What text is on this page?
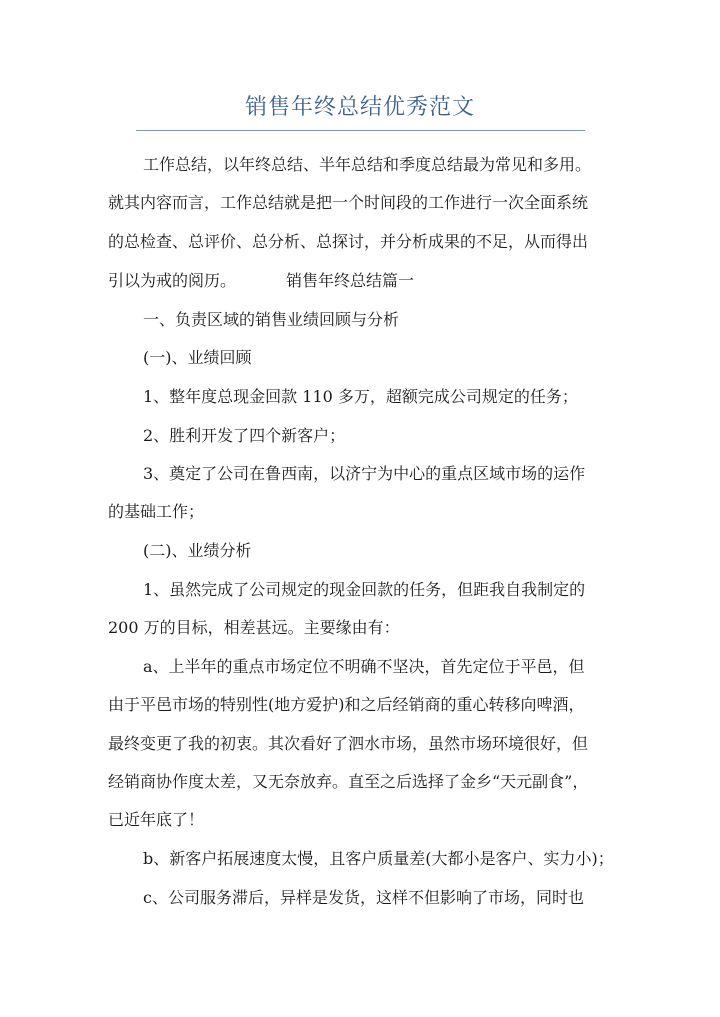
销售年终总结优秀范文
工作总结，以年终总结、半年总结和季度总结最为常见和多用。
就其内容而言，工作总结就是把一个时间段的工作进行一次全面系统
的总检查、总评价、总分析、总探讨，并分析成果的不足，从而得出
引以为戒的阅历。	销售年终总结篇一
一、负责区域的销售业绩回顾与分析
(一)、业绩回顾
1、整年度总现金回款 110 多万，超额完成公司规定的任务；
2、胜利开发了四个新客户；
3、奠定了公司在鲁西南，以济宁为中心的重点区域市场的运作
的基础工作；
(二)、业绩分析
1、虽然完成了公司规定的现金回款的任务，但距我自我制定的
200 万的目标，相差甚远。主要缘由有：
a、上半年的重点市场定位不明确不坚决，首先定位于平邑，但
由于平邑市场的特别性(地方爱护)和之后经销商的重心转移向啤酒，
最终变更了我的初衷。其次看好了泗水市场，虽然市场环境很好，但
经销商协作度太差，又无奈放弃。直至之后选择了金乡“天元副食”，
已近年底了！
b、新客户拓展速度太慢，且客户质量差(大都小是客户、实力小)；
c、公司服务滞后，异样是发货，这样不但影响了市场，同时也
